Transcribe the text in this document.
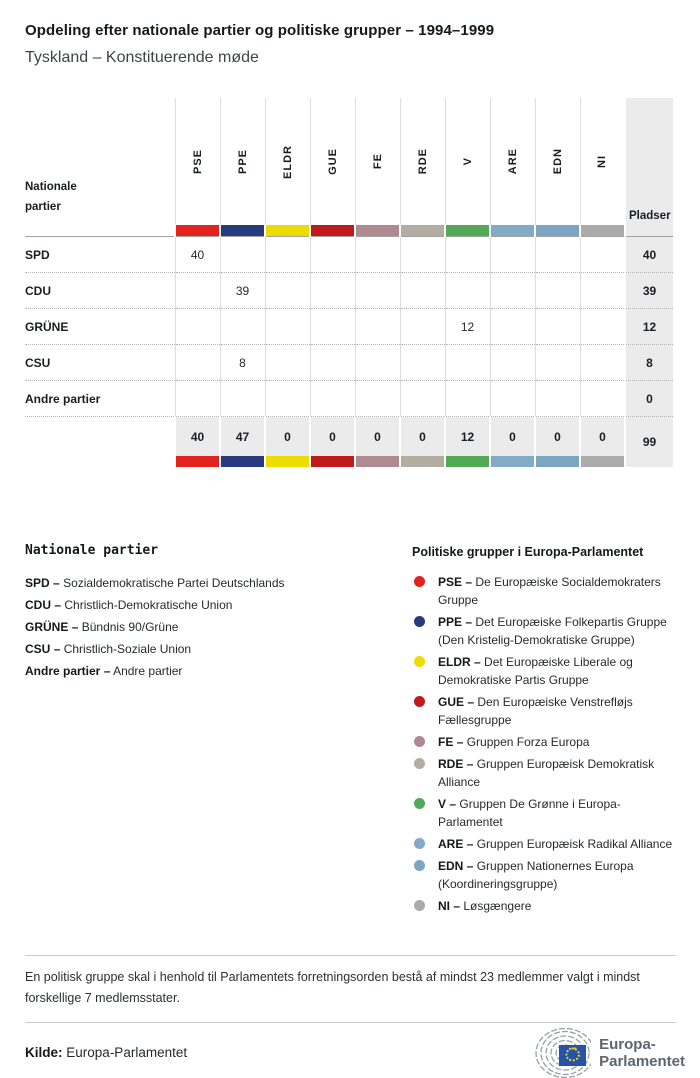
Opdeling efter nationale partier og politiske grupper – 1994–1999
Tyskland – Konstituerende møde
Nationale partier	PSE	PPE	ELDR	GUE	FE	RDE	V	ARE	EDN	NI	Pladser

SPD	40										40
CDU		39									39
GRÜNE							12				12
CSU		8									8
Andre partier											0
	40	47	0	0	0	0	12	0	0	0	99

Nationale partier
SPD – Sozialdemokratische Partei Deutschlands
CDU – Christlich-Demokratische Union
GRÜNE – Bündnis 90/Grüne
CSU – Christlich-Soziale Union
Andre partier – Andre partier
Politiske grupper i Europa-Parlamentet
PSE – De Europæiske Socialdemokraters Gruppe
PPE – Det Europæiske Folkepartis Gruppe (Den Kristelig-Demokratiske Gruppe)
ELDR – Det Europæiske Liberale og Demokratiske Partis Gruppe
GUE – Den Europæiske Venstrefløjs Fællesgruppe
FE – Gruppen Forza Europa
RDE – Gruppen Europæisk Demokratisk Alliance
V – Gruppen De Grønne i Europa-Parlamentet
ARE – Gruppen Europæisk Radikal Alliance
EDN – Gruppen Nationernes Europa (Koordineringsgruppe)
NI – Løsgængere

En politisk gruppe skal i henhold til Parlamentets forretningsorden bestå af mindst 23 medlemmer valgt i mindst forskellige 7 medlemsstater.

Kilde: Europa-Parlamentet	Europa-
Parlamentet
